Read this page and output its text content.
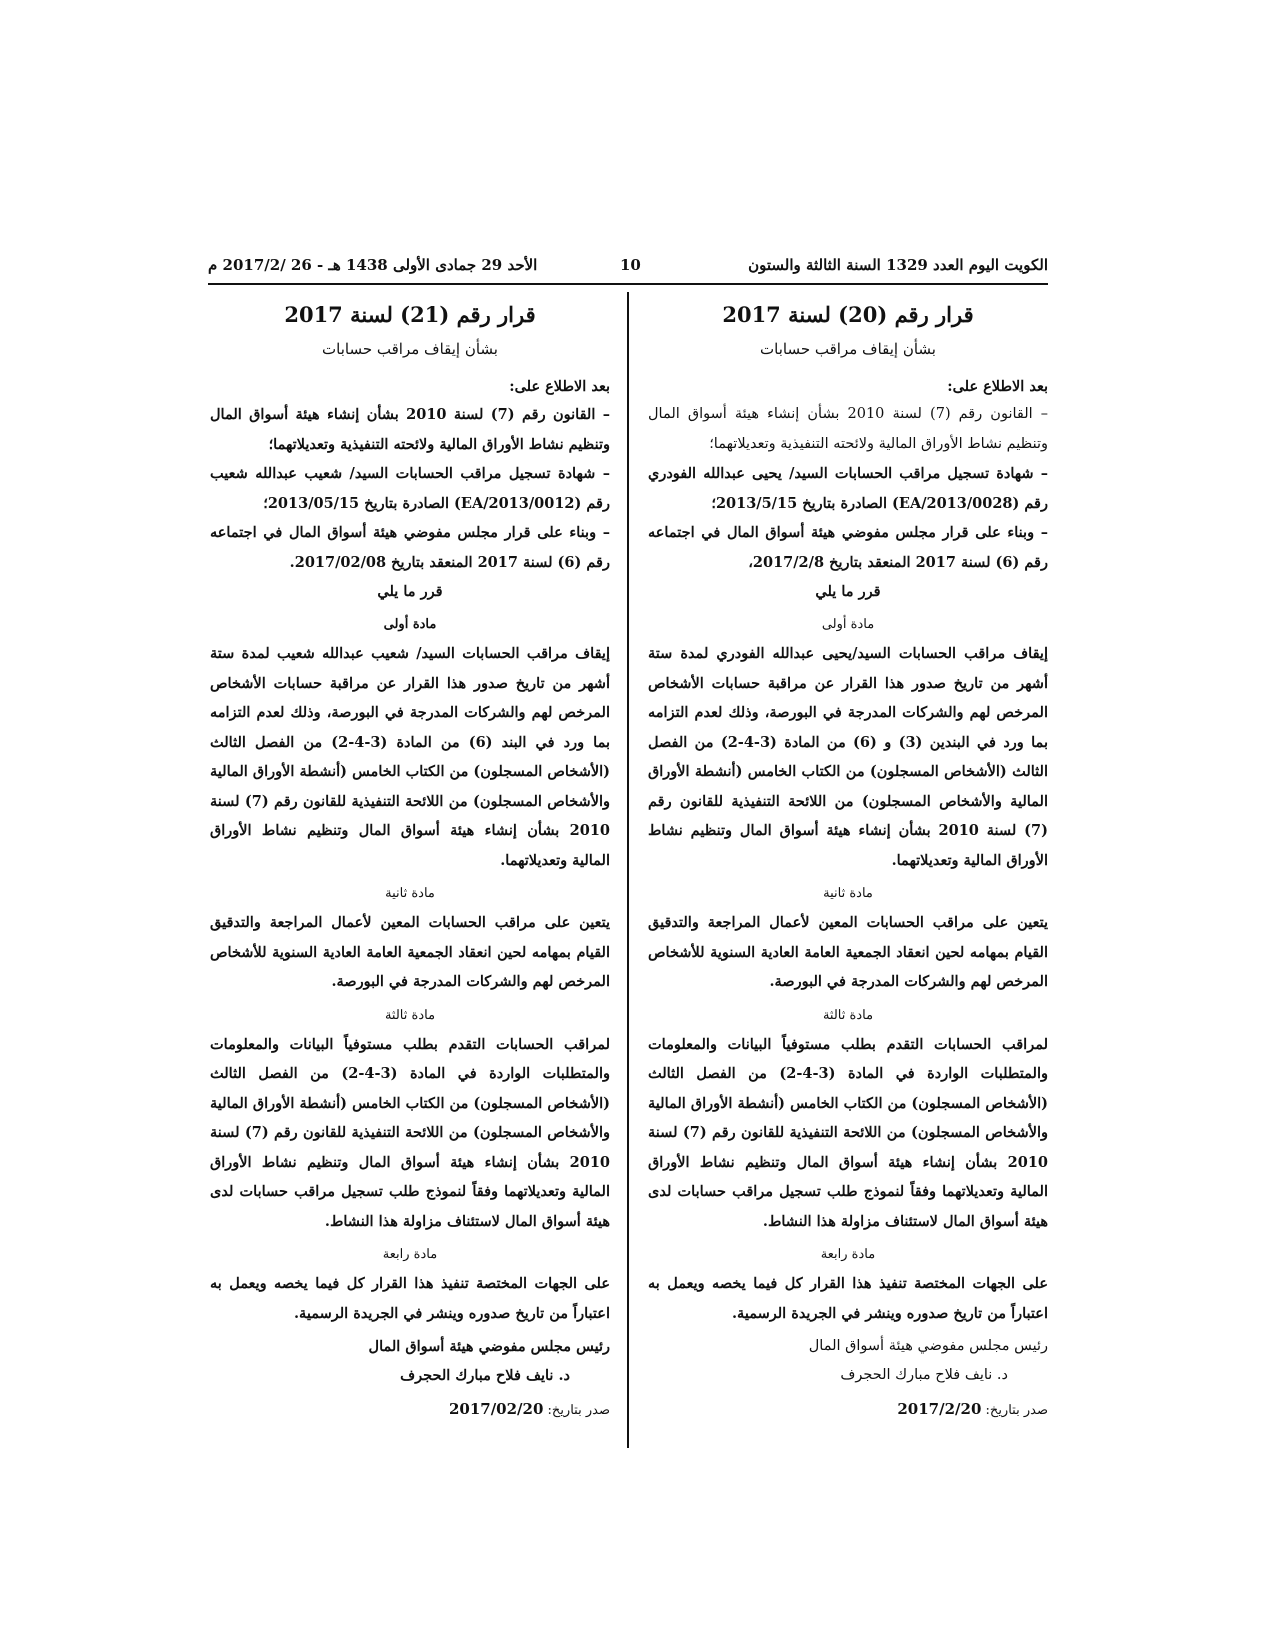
الأحد 29 جمادى الأولى 1438 هـ - 26 /2017/2 م	10	الكويت اليوم العدد 1329 السنة الثالثة والستون
قرار رقم (20) لسنة 2017
بشأن إيقاف مراقب حسابات
بعد الاطلاع على:

– القانون رقم (7) لسنة 2010 بشأن إنشاء هيئة أسواق المال وتنظيم نشاط الأوراق المالية ولائحته التنفيذية وتعديلاتهما؛

– شهادة تسجيل مراقب الحسابات السيد/ يحيى عبدالله الفودري رقم (EA/2013/0028) الصادرة بتاريخ 2013/5/15؛

– وبناء على قرار مجلس مفوضي هيئة أسواق المال في اجتماعه رقم (6) لسنة 2017 المنعقد بتاريخ 2017/2/8،

قرر ما يلي
مادة أولى

إيقاف مراقب الحسابات السيد/يحيى عبدالله الفودري لمدة ستة أشهر من تاريخ صدور هذا القرار عن مراقبة حسابات الأشخاص المرخص لهم والشركات المدرجة في البورصة، وذلك لعدم التزامه بما ورد في البندين (3) و (6) من المادة (3-4-2) من الفصل الثالث (الأشخاص المسجلون) من الكتاب الخامس (أنشطة الأوراق المالية والأشخاص المسجلون) من اللائحة التنفيذية للقانون رقم (7) لسنة 2010 بشأن إنشاء هيئة أسواق المال وتنظيم نشاط الأوراق المالية وتعديلاتهما.

مادة ثانية

يتعين على مراقب الحسابات المعين لأعمال المراجعة والتدقيق القيام بمهامه لحين انعقاد الجمعية العامة العادية السنوية للأشخاص المرخص لهم والشركات المدرجة في البورصة.

مادة ثالثة

لمراقب الحسابات التقدم بطلب مستوفياً البيانات والمعلومات والمتطلبات الواردة في المادة (3-4-2) من الفصل الثالث (الأشخاص المسجلون) من الكتاب الخامس (أنشطة الأوراق المالية والأشخاص المسجلون) من اللائحة التنفيذية للقانون رقم (7) لسنة 2010 بشأن إنشاء هيئة أسواق المال وتنظيم نشاط الأوراق المالية وتعديلاتهما وفقاً لنموذج طلب تسجيل مراقب حسابات لدى هيئة أسواق المال لاستئناف مزاولة هذا النشاط.

مادة رابعة

على الجهات المختصة تنفيذ هذا القرار كل فيما يخصه ويعمل به اعتباراً من تاريخ صدوره وينشر في الجريدة الرسمية.

رئيس مجلس مفوضي هيئة أسواق المال
د. نايف فلاح مبارك الحجرف
صدر بتاريخ: 2017/2/20
قرار رقم (21) لسنة 2017
بشأن إيقاف مراقب حسابات
بعد الاطلاع على:

– القانون رقم (7) لسنة 2010 بشأن إنشاء هيئة أسواق المال وتنظيم نشاط الأوراق المالية ولائحته التنفيذية وتعديلاتهما؛

– شهادة تسجيل مراقب الحسابات السيد/ شعيب عبدالله شعيب رقم (EA/2013/0012) الصادرة بتاريخ 2013/05/15؛

– وبناء على قرار مجلس مفوضي هيئة أسواق المال في اجتماعه رقم (6) لسنة 2017 المنعقد بتاريخ 2017/02/08.

قرر ما يلي
مادة أولى

إيقاف مراقب الحسابات السيد/ شعيب عبدالله شعيب لمدة ستة أشهر من تاريخ صدور هذا القرار عن مراقبة حسابات الأشخاص المرخص لهم والشركات المدرجة في البورصة، وذلك لعدم التزامه بما ورد في البند (6) من المادة (3-4-2) من الفصل الثالث (الأشخاص المسجلون) من الكتاب الخامس (أنشطة الأوراق المالية والأشخاص المسجلون) من اللائحة التنفيذية للقانون رقم (7) لسنة 2010 بشأن إنشاء هيئة أسواق المال وتنظيم نشاط الأوراق المالية وتعديلاتهما.

مادة ثانية

يتعين على مراقب الحسابات المعين لأعمال المراجعة والتدقيق القيام بمهامه لحين انعقاد الجمعية العامة العادية السنوية للأشخاص المرخص لهم والشركات المدرجة في البورصة.

مادة ثالثة

لمراقب الحسابات التقدم بطلب مستوفياً البيانات والمعلومات والمتطلبات الواردة في المادة (3-4-2) من الفصل الثالث (الأشخاص المسجلون) من الكتاب الخامس (أنشطة الأوراق المالية والأشخاص المسجلون) من اللائحة التنفيذية للقانون رقم (7) لسنة 2010 بشأن إنشاء هيئة أسواق المال وتنظيم نشاط الأوراق المالية وتعديلاتهما وفقاً لنموذج طلب تسجيل مراقب حسابات لدى هيئة أسواق المال لاستئناف مزاولة هذا النشاط.

مادة رابعة

على الجهات المختصة تنفيذ هذا القرار كل فيما يخصه ويعمل به اعتباراً من تاريخ صدوره وينشر في الجريدة الرسمية.

رئيس مجلس مفوضي هيئة أسواق المال
د. نايف فلاح مبارك الحجرف
صدر بتاريخ: 2017/02/20
